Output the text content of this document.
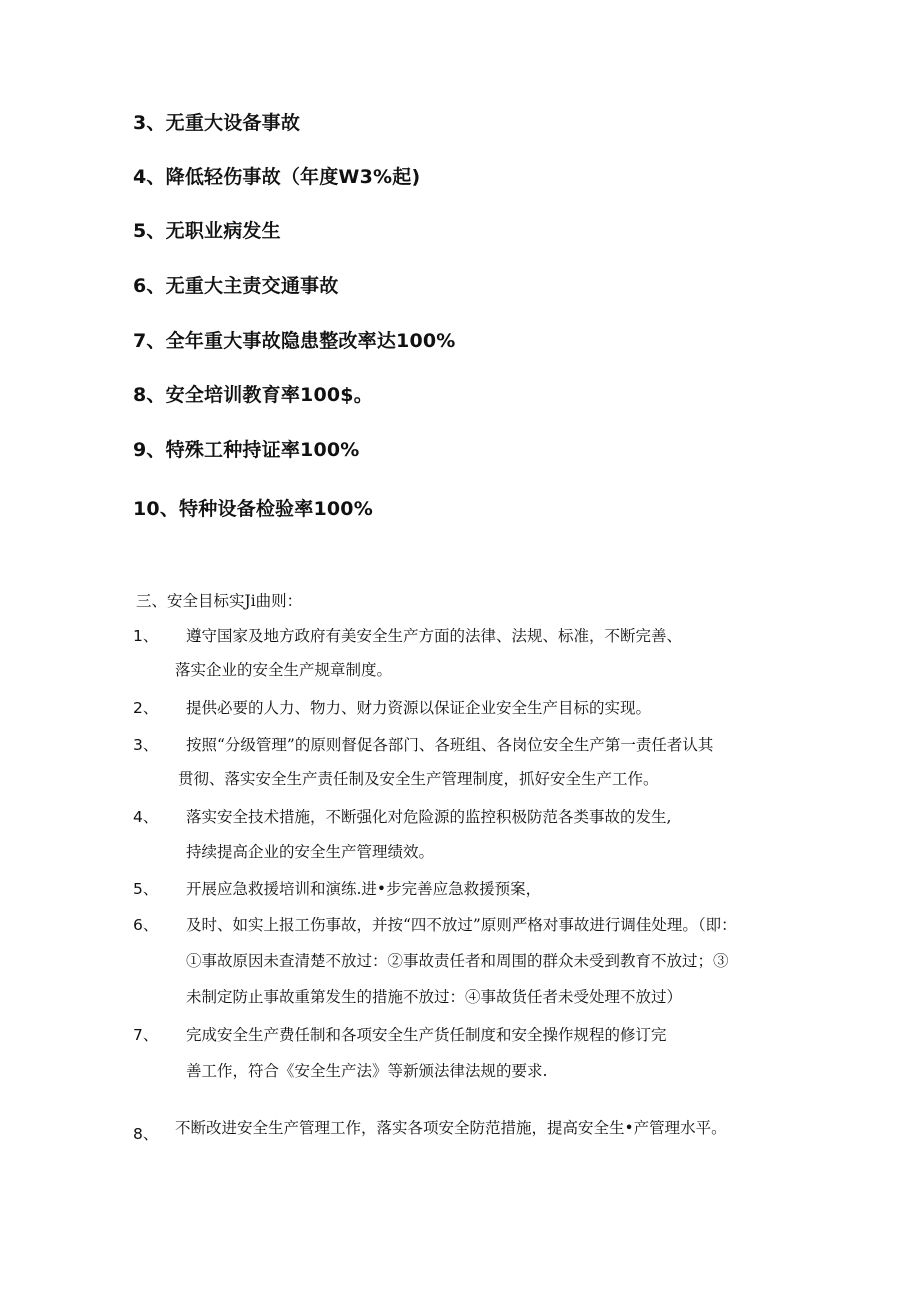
3、无重大设备事故
4、降低轻伤事故（年度W3%起)
5、无职业病发生
6、无重大主责交通事故
7、全年重大事故隐患整改率达100%
8、安全培训教育率100$。
9、特殊工种持证率100%
10、特种设备检验率100%
三、安全目标实Ji曲则：
1、 遵守国家及地方政府有美安全生产方面的法律、法规、标准，不断完善、
落实企业的安全生产规章制度。
2、 提供必要的人力、物力、财力资源以保证企业安全生产目标的实现。
3、 按照“分级管理”的原则督促各部门、各班组、各岗位安全生产第一责任者认其
贯彻、落实安全生产责任制及安全生产管理制度，抓好安全生产工作。
4、 落实安全技术措施，不断强化对危险源的监控积极防范各类事故的发生,
持续提高企业的安全生产管理绩效。
5、 开展应急救援培训和演练.进•步完善应急救援预案，
6、 及时、如实上报工伤事故，并按“四不放过”原则严格对事故进行调佳处理。（即：
①事故原因未查清楚不放过：②事故责任者和周围的群众未受到教育不放过；③
未制定防止事故重第发生的措施不放过：④事故货任者未受处理不放过）
7、 完成安全生产费任制和各项安全生产货任制度和安全操作规程的修订完
善工作，符合《安全生产法》等新颁法律法规的要求.
8、 不断改进安全生产管理工作，落实各项安全防范措施，提高安全生•产管理水平。
